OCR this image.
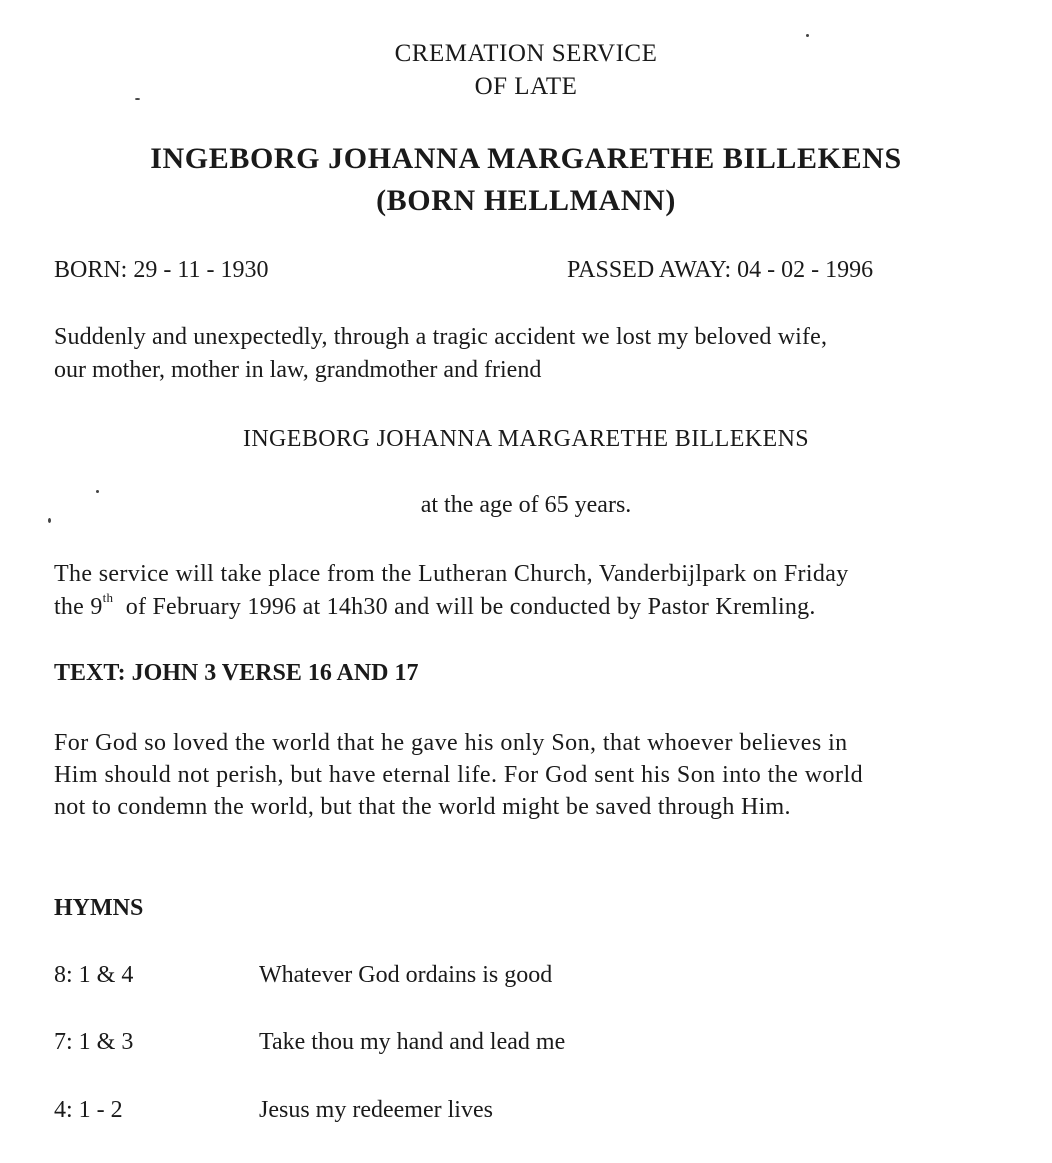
CREMATION SERVICE
OF LATE
INGEBORG JOHANNA MARGARETHE BILLEKENS
(BORN HELLMANN)
BORN: 29 - 11 - 1930	PASSED AWAY: 04 - 02 - 1996
Suddenly and unexpectedly, through a tragic accident we lost my beloved wife,
our mother, mother in law, grandmother and friend
INGEBORG JOHANNA MARGARETHE BILLEKENS
at the age of 65 years.
The service will take place from the Lutheran Church, Vanderbijlpark on Friday
the 9th  of February 1996 at 14h30 and will be conducted by Pastor Kremling.
TEXT: JOHN 3 VERSE 16 AND 17
For God so loved the world that he gave his only Son, that whoever believes in
Him should not perish, but have eternal life. For God sent his Son into the world
not to condemn the world, but that the world might be saved through Him.
HYMNS
8: 1 & 4	Whatever God ordains is good
7: 1 & 3	Take thou my hand and lead me
4: 1 - 2	Jesus my redeemer lives
